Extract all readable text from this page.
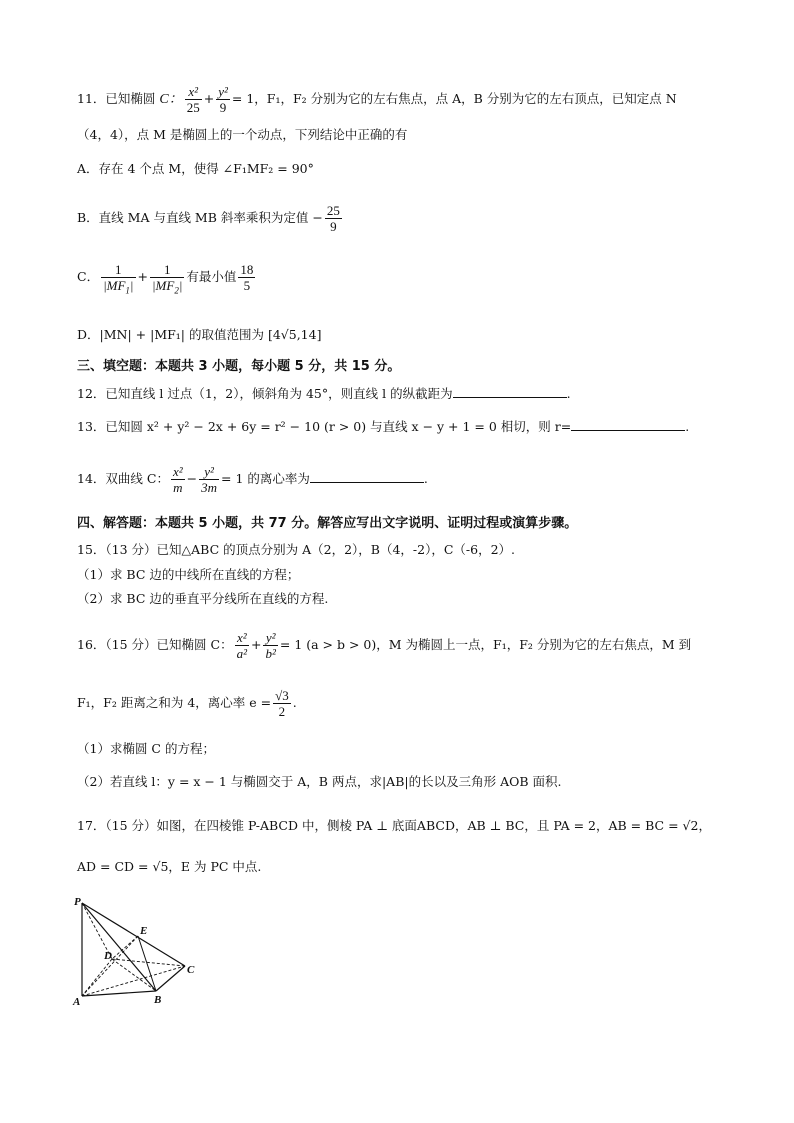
11．已知椭圆 C： $\frac{\text{x²}}{25} + \frac{\text{y²}}{9} = 1$，F₁，F₂ 分别为它的左右焦点，点 A，B 分别为它的左右顶点，已知定点 N
（4，4），点 M 是椭圆上的一个动点，下列结论中正确的有
A．存在 4 个点 M，使得 ∠F₁MF₂ = 90°
B．直线 MA 与直线 MB 斜率乘积为定值 − $\frac{25}{9}$
C． $\frac{1}{|MF_1|} + \frac{1}{|MF_2|}$ 有最小值 $\frac{18}{5}$
D．|MN| + |MF₁| 的取值范围为 [4√5,14]
三、填空题：本题共 3 小题，每小题 5 分，共 15 分。
12．已知直线 l 过点（1，2），倾斜角为 45°，则直线 l 的纵截距为	.
13．已知圆 x² + y² − 2x + 6y = r² − 10 (r > 0) 与直线 x − y + 1 = 0 相切，则 r=	.
14．双曲线 C： $\frac{\text{x²}}{m} - \frac{\text{y²}}{3m} = 1$ 的离心率为	.
四、解答题：本题共 5 小题，共 77 分。解答应写出文字说明、证明过程或演算步骤。
15．（13 分）已知△ABC 的顶点分别为 A（2，2），B（4，-2），C（-6，2）.
（1）求 BC 边的中线所在直线的方程；
（2）求 BC 边的垂直平分线所在直线的方程.
16．（15 分）已知椭圆 C： $\frac{\text{x²}}{\text{a²}} + \frac{\text{y²}}{\text{b²}} = 1$ (a > b > 0)，M 为椭圆上一点，F₁，F₂ 分别为它的左右焦点，M 到
F₁，F₂ 距离之和为 4，离心率 $e = \frac{√3}{2}$ .
（1）求椭圆 C 的方程；
（2）若直线 l：y = x − 1 与椭圆交于 A，B 两点，求|AB|的长以及三角形 AOB 面积.
17．（15 分）如图，在四棱锥 P-ABCD 中，侧棱 PA ⊥ 底面ABCD，AB ⊥ BC，且 PA = 2，AB = BC = √2，
AD = CD = √5，E 为 PC 中点.
P
E
D
C
A	B
